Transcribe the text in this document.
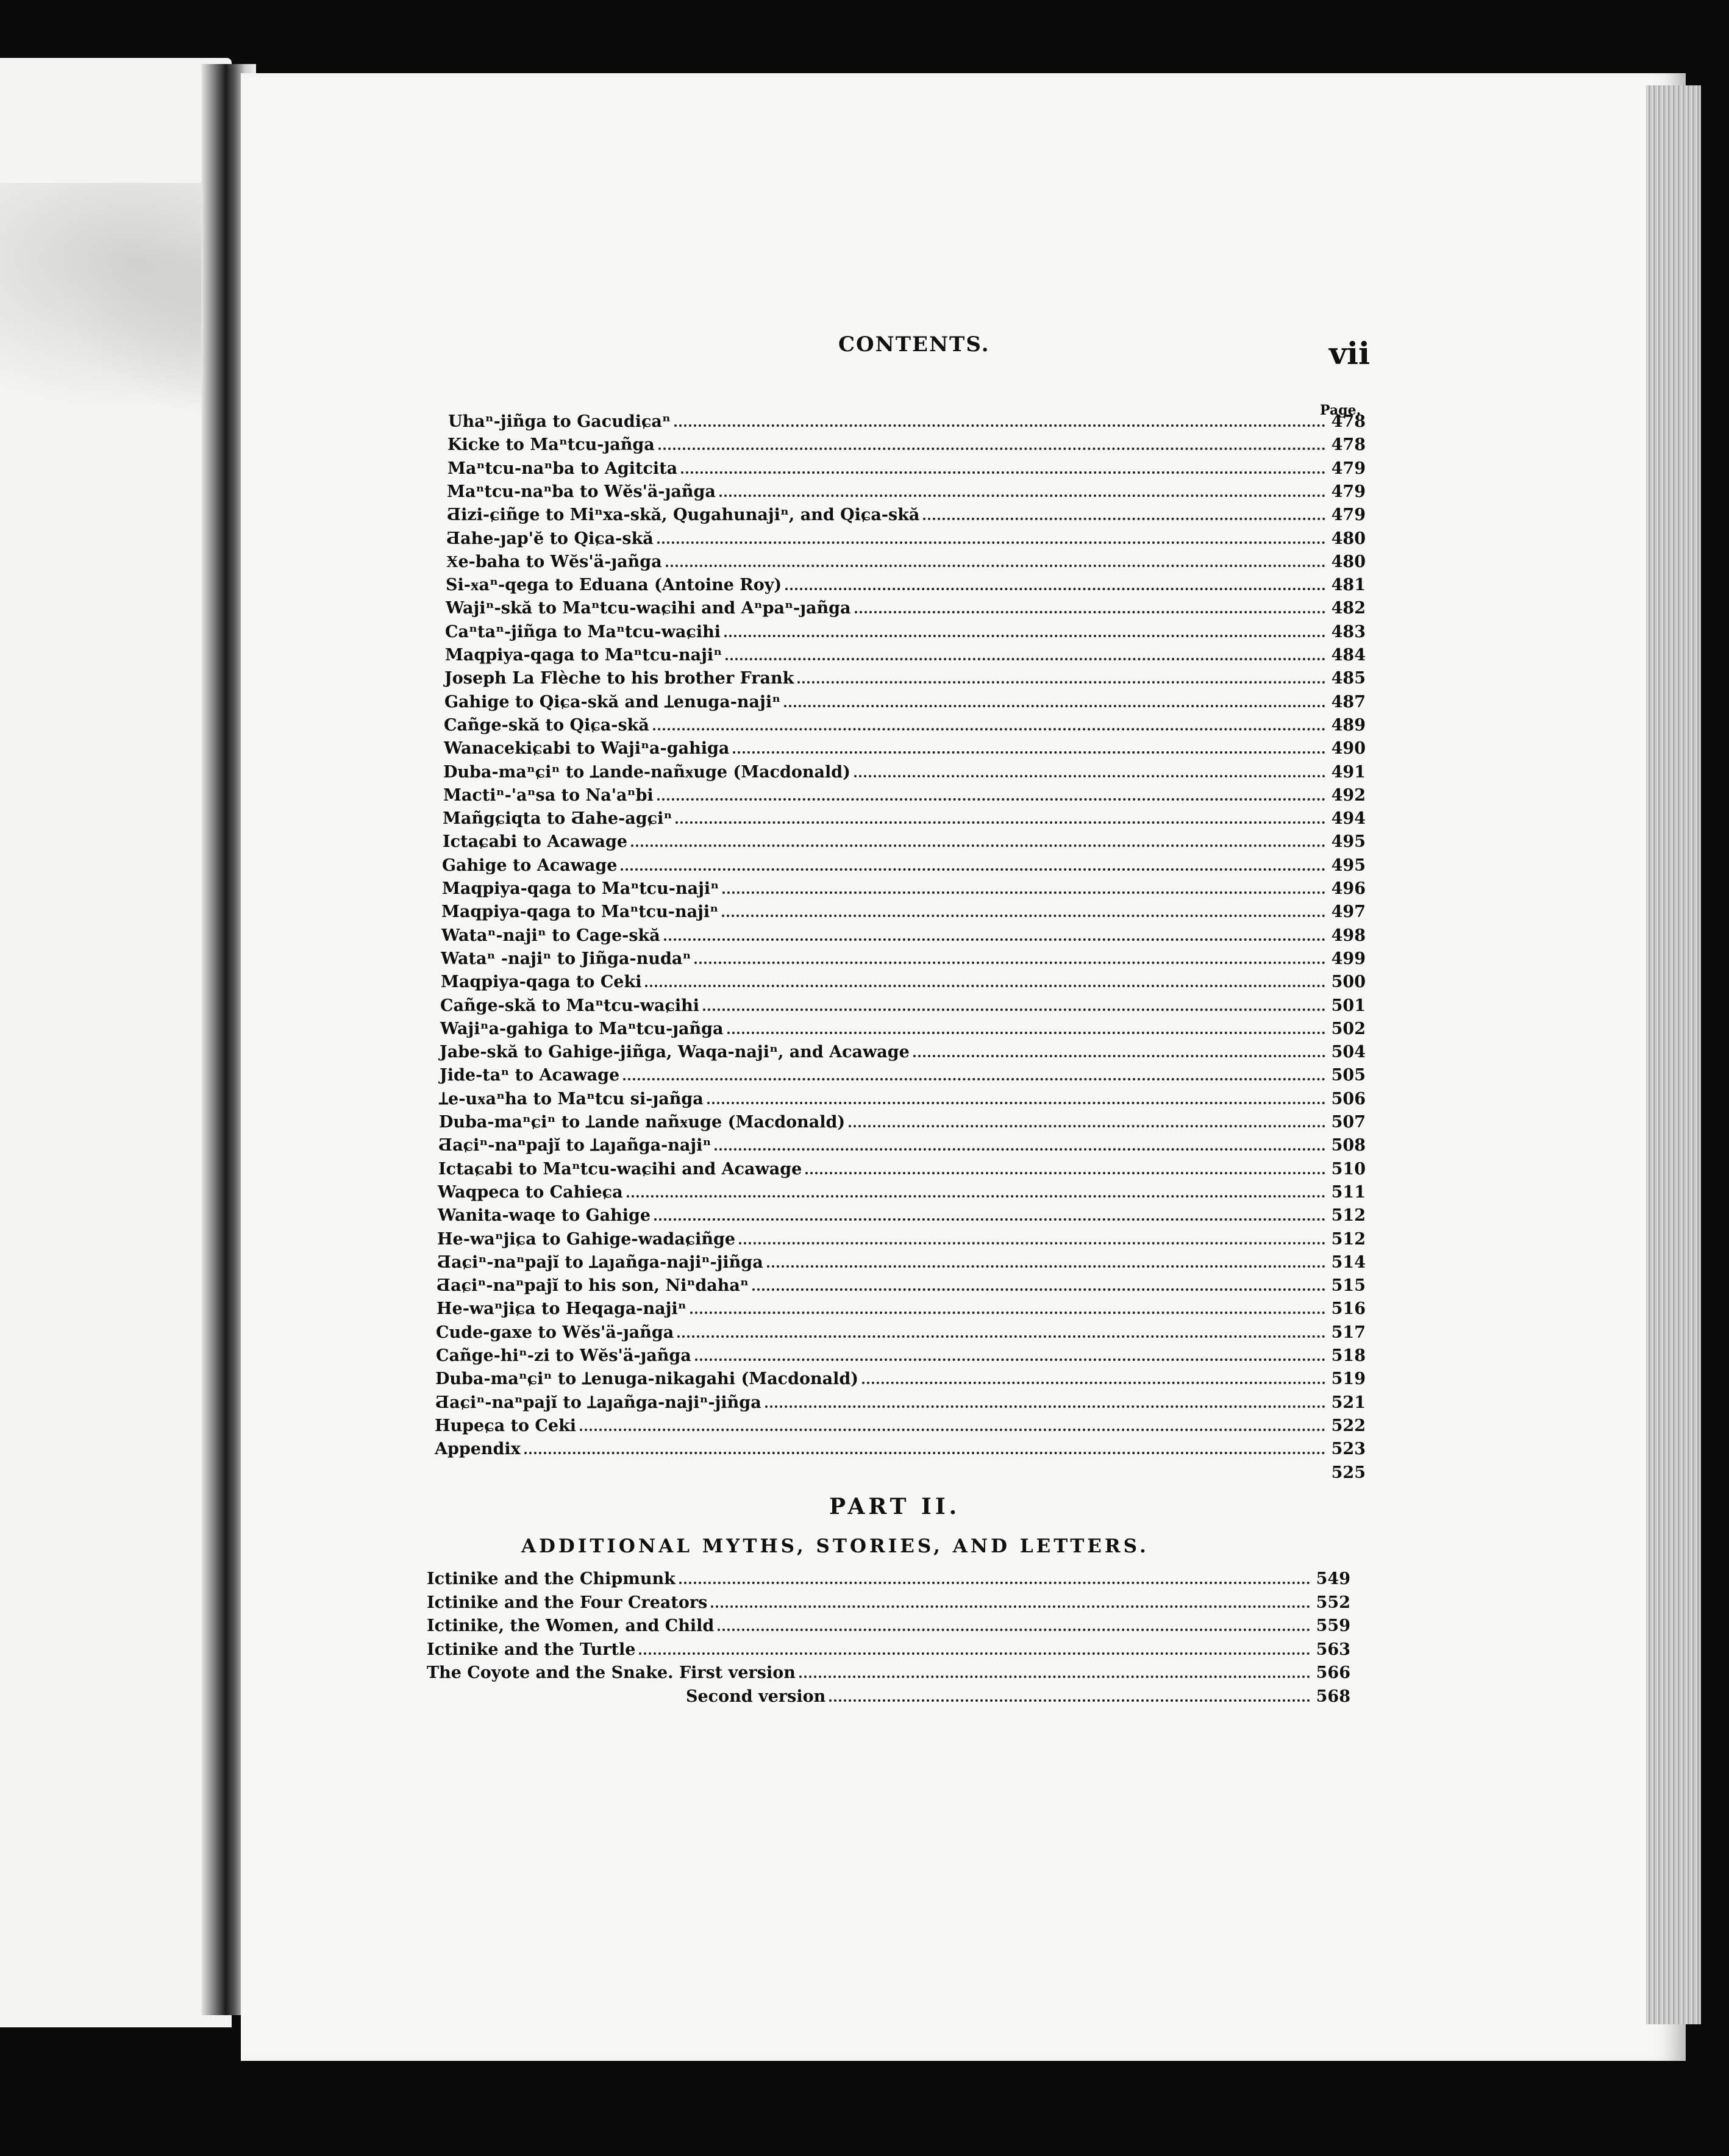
CONTENTS.	vii
Page.
Uhaⁿ-jiñga to Gacudiɕaⁿ	478
Kicke to Maⁿtcu-ȷañga	478
Maⁿtcu-naⁿba to Agitcita	479
Maⁿtcu-naⁿba to Wĕs'ä-ȷañga	479
Ƌizi-ɕiñge to Miⁿxa-skă, Qugahunajiⁿ, and Qiɕa-skă	479
Ƌahe-ȷap'ĕ to Qiɕa-skă	480
Ӿe-baha to Wĕs'ä-ȷañga	480
Si-ӿaⁿ-qega to Eduana (Antoine Roy)	481
Wajiⁿ-skă to Maⁿtcu-waɕihi and Aⁿpaⁿ-ȷañga	482
Caⁿtaⁿ-jiñga to Maⁿtcu-waɕihi	483
Maqpiya-qaga to Maⁿtcu-najiⁿ	484
Joseph La Flèche to his brother Frank	485
Gahige to Qiɕa-skă and Ʇenuga-najiⁿ	487
Cañge-skă to Qiɕa-skă	489
Wanacekiɕabi to Wajiⁿa-gahiga	490
Duba-maⁿɕiⁿ to Ʇande-nañӿuge (Macdonald)	491
Mactiⁿ-'aⁿsa to Na'aⁿbi	492
Mañgɕiqta to Ƌahe-agɕiⁿ	494
Ictaɕabi to Acawage	495
Gahige to Acawage	495
Maqpiya-qaga to Maⁿtcu-najiⁿ	496
Maqpiya-qaga to Maⁿtcu-najiⁿ	497
Wataⁿ-najiⁿ to Cage-skă	498
Wataⁿ -najiⁿ to Jiñga-nudaⁿ	499
Maqpiya-qaga to Ceki	500
Cañge-skă to Maⁿtcu-waɕihi	501
Wajiⁿa-gahiga to Maⁿtcu-ȷañga	502
Jabe-skă to Gahige-jiñga, Waqa-najiⁿ, and Acawage	504
Jide-taⁿ to Acawage	505
Ʇe-uӿaⁿha to Maⁿtcu si-ȷañga	506
Duba-maⁿɕiⁿ to Ʇande nañӿuge (Macdonald)	507
Ƌaɕiⁿ-naⁿpajĭ to Ʇaȷañga-najiⁿ	508
Ictaɕabi to Maⁿtcu-waɕihi and Acawage	510
Waqpeca to Cahieɕa	511
Wanita-waqe to Gahige	512
He-waⁿjiɕa to Gahige-wadaɕiñge	512
Ƌaɕiⁿ-naⁿpajĭ to Ʇaȷañga-najiⁿ-jiñga	514
Ƌaɕiⁿ-naⁿpajĭ to his son, Niⁿdahaⁿ	515
He-waⁿjiɕa to Heqaga-najiⁿ	516
Cude-gaxe to Wĕs'ä-ȷañga	517
Cañge-hiⁿ-zi to Wĕs'ä-ȷañga	518
Duba-maⁿɕiⁿ to Ʇenuga-nikagahi (Macdonald)	519
Ƌaɕiⁿ-naⁿpajĭ to Ʇaȷañga-najiⁿ-jiñga	521
Hupeɕa to Ceki	522
Appendix	523
525
Ictinike and the Chipmunk	549
Ictinike and the Four Creators	552
Ictinike, the Women, and Child	559
Ictinike and the Turtle	563
The Coyote and the Snake. First version	566
Second version	568
PART II.
ADDITIONAL MYTHS, STORIES, AND LETTERS.
